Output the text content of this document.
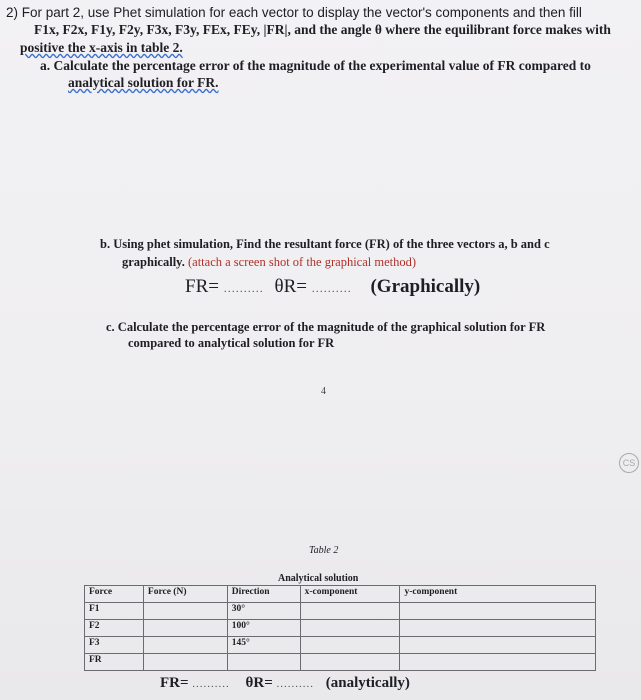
2) For part 2, use Phet simulation for each vector to display the vector's components and then fill
F1x, F2x, F1y, F2y, F3x, F3y, FEx, FEy, |FR|, and the angle θ where the equilibrant force makes with
positive the x-axis in table 2.
a. Calculate the percentage error of the magnitude of the experimental value of FR compared to
analytical solution for FR.
b. Using phet simulation, Find the resultant force (FR) of the three vectors a, b and c
graphically. (attach a screen shot of the graphical method)
FR= .......... θR= .......... (Graphically)
c. Calculate the percentage error of the magnitude of the graphical solution for FR
compared to analytical solution for FR
4
CS
Table 2
Analytical solution
Force	Force (N)	Direction	x-component	y-component
F1		30°		
F2		100°		
F3		145°		
FR				
FR= .......... θR= .......... (analytically)
